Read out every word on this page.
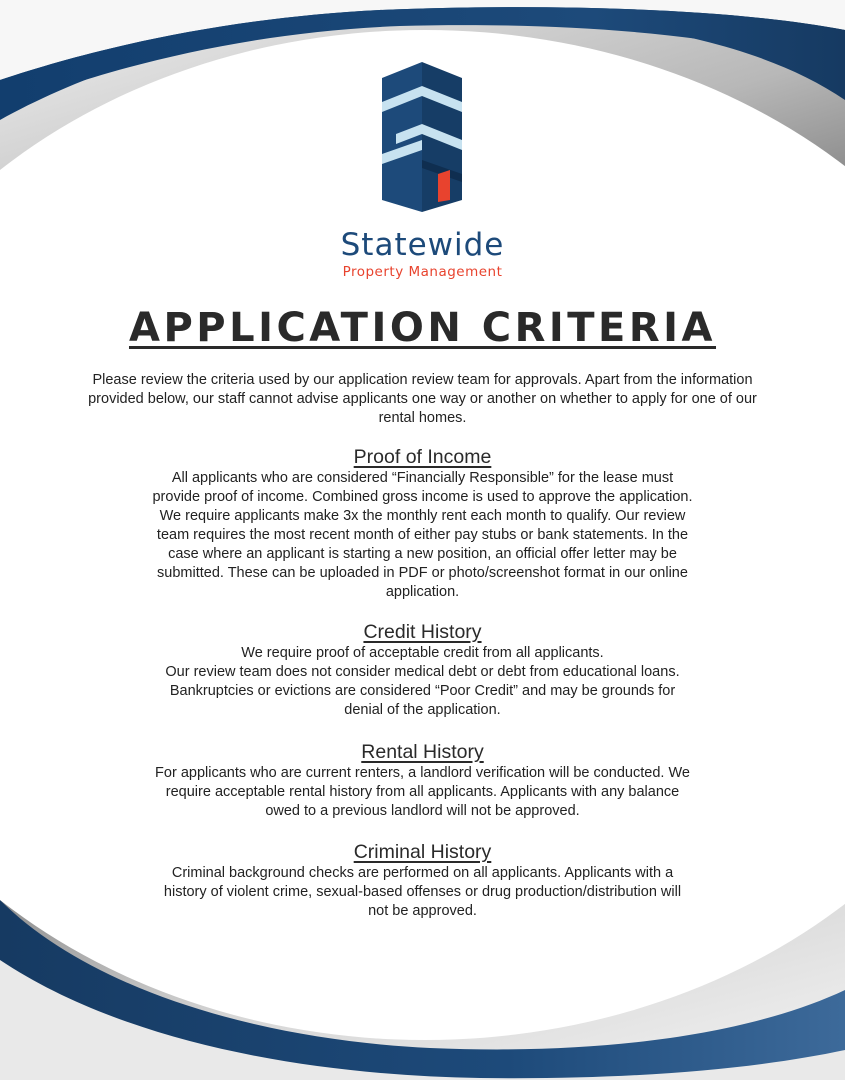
Statewide
Property Management
APPLICATION CRITERIA

Please review the criteria used by our application review team for approvals. Apart from the information provided below, our staff cannot advise applicants one way or another on whether to apply for one of our rental homes.

Proof of Income

All applicants who are considered “Financially Responsible” for the lease must

provide proof of income. Combined gross income is used to approve the application.

We require applicants make 3x the monthly rent each month to qualify. Our review

team requires the most recent month of either pay stubs or bank statements. In the

case where an applicant is starting a new position, an official offer letter may be

submitted. These can be uploaded in PDF or photo/screenshot format in our online

application.

Credit History

We require proof of acceptable credit from all applicants.

Our review team does not consider medical debt or debt from educational loans.

Bankruptcies or evictions are considered “Poor Credit” and may be grounds for

denial of the application.

Rental History

For applicants who are current renters, a landlord verification will be conducted. We

require acceptable rental history from all applicants. Applicants with any balance

owed to a previous landlord will not be approved.

Criminal History

Criminal background checks are performed on all applicants. Applicants with a

history of violent crime, sexual-based offenses or drug production/distribution will

not be approved.
